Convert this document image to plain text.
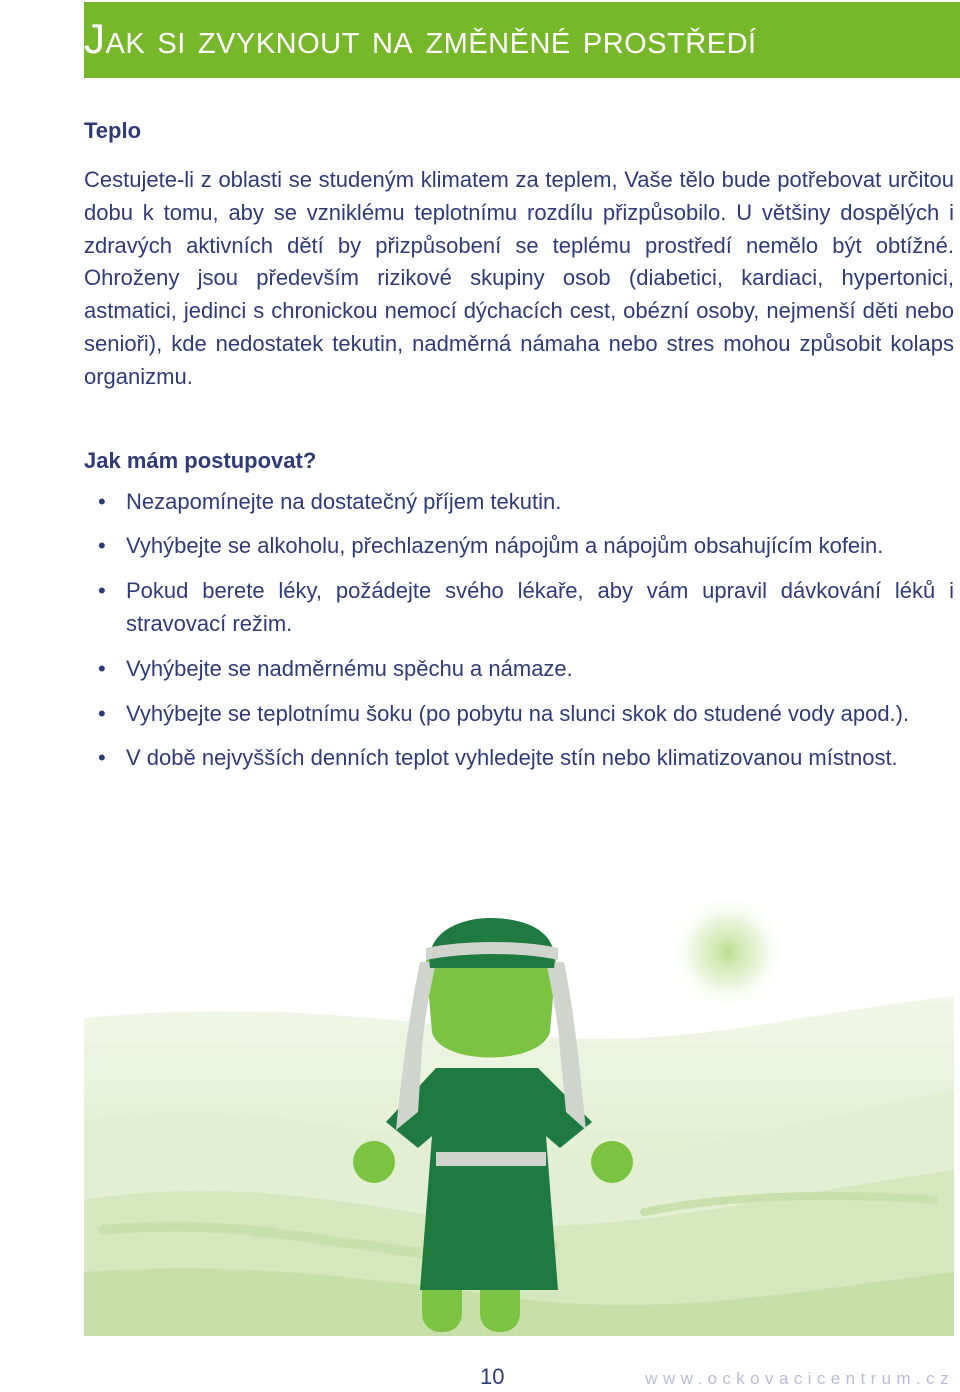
Jak si zvyknout na změněné prostředí
Teplo

Cestujete-li z oblasti se studeným klimatem za teplem, Vaše tělo bude potřebovat určitou dobu k tomu, aby se vzniklému teplotnímu rozdílu přizpůsobilo. U většiny dospělých i zdravých aktivních dětí by přizpůsobení se teplému prostředí nemělo být obtížné. Ohroženy jsou především rizikové skupiny osob (diabetici, kardiaci, hypertonici, astmatici, jedinci s chronickou nemocí dýchacích cest, obézní osoby, nejmenší děti nebo senioři), kde nedostatek tekutin, nadměrná námaha nebo stres mohou způsobit kolaps organizmu.

Jak mám postupovat?
• Nezapomínejte na dostatečný příjem tekutin.
• Vyhýbejte se alkoholu, přechlazeným nápojům a nápojům obsahujícím kofein.
• Pokud berete léky, požádejte svého lékaře, aby vám upravil dávkování léků i stravovací režim.
• Vyhýbejte se nadměrnému spěchu a námaze.
• Vyhýbejte se teplotnímu šoku (po pobytu na slunci skok do studené vody apod.).
• V době nejvyšších denních teplot vyhledejte stín nebo klimatizovanou místnost.
10	www.ockovacicentrum.cz
